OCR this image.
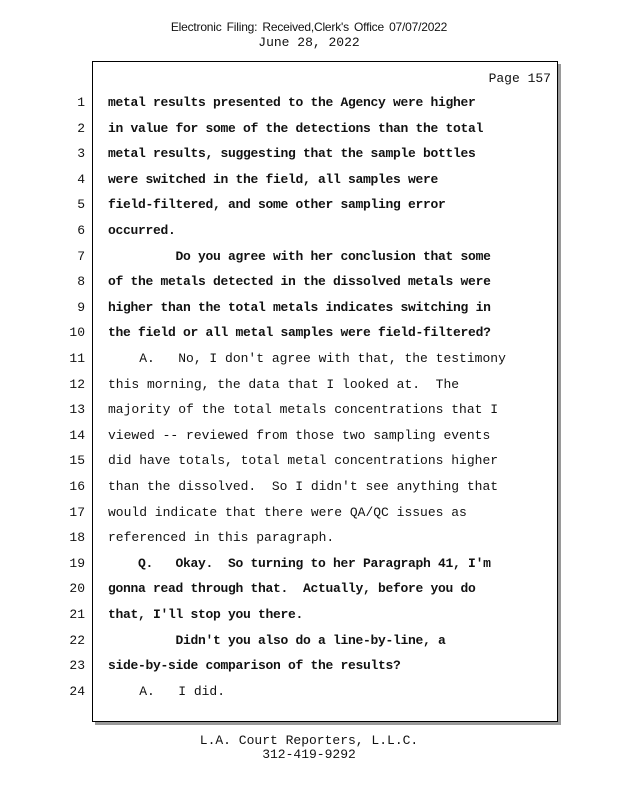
Electronic Filing: Received,Clerk's Office 07/07/2022
June 28, 2022
Page 157
1 metal results presented to the Agency were higher
2 in value for some of the detections than the total
3 metal results, suggesting that the sample bottles
4 were switched in the field, all samples were
5 field-filtered, and some other sampling error
6 occurred.
7 Do you agree with her conclusion that some
8 of the metals detected in the dissolved metals were
9 higher than the total metals indicates switching in
10 the field or all metal samples were field-filtered?
11 A.   No, I don't agree with that, the testimony
12 this morning, the data that I looked at.  The
13 majority of the total metals concentrations that I
14 viewed -- reviewed from those two sampling events
15 did have totals, total metal concentrations higher
16 than the dissolved.  So I didn't see anything that
17 would indicate that there were QA/QC issues as
18 referenced in this paragraph.
19 Q.   Okay.  So turning to her Paragraph 41, I'm
20 gonna read through that.  Actually, before you do
21 that, I'll stop you there.
22 Didn't you also do a line-by-line, a
23 side-by-side comparison of the results?
24 A.   I did.
L.A. Court Reporters, L.L.C.
312-419-9292
